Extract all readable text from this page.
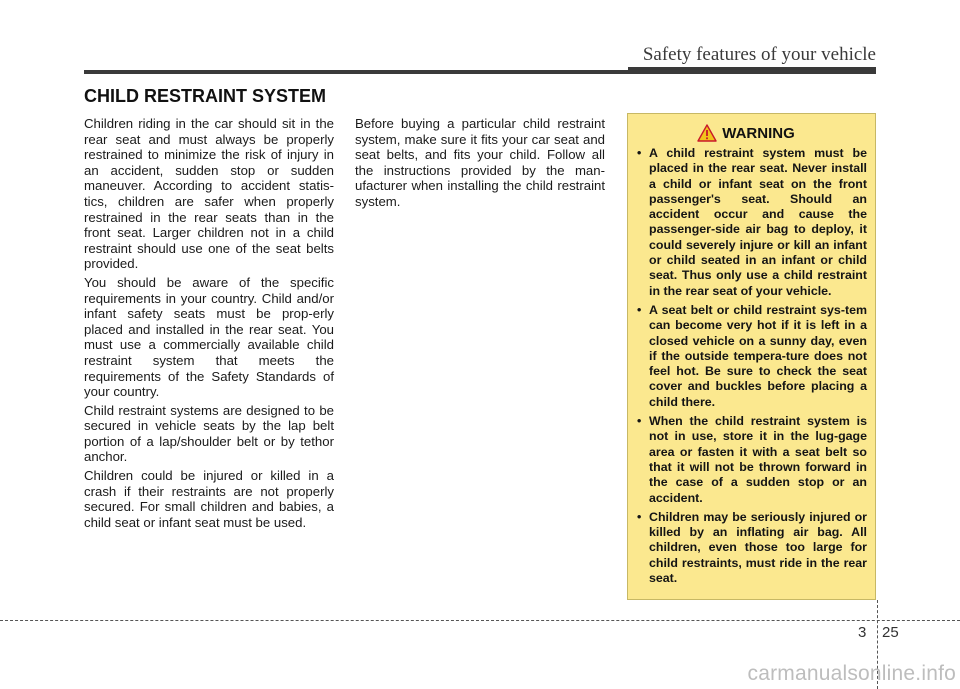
Safety features of your vehicle
CHILD RESTRAINT SYSTEM

Children riding in the car should sit in the rear seat and must always be properly restrained to minimize the risk of injury in an accident, sudden stop or sudden maneuver. According to accident statis-tics, children are safer when properly restrained in the rear seats than in the front seat. Larger children not in a child restraint should use one of the seat belts provided.

You should be aware of the specific requirements in your country. Child and/or infant safety seats must be prop-erly placed and installed in the rear seat. You must use a commercially available child restraint system that meets the requirements of the Safety Standards of your country.

Child restraint systems are designed to be secured in vehicle seats by the lap belt portion of a lap/shoulder belt or by tethor anchor.

Children could be injured or killed in a crash if their restraints are not properly secured. For small children and babies, a child seat or infant seat must be used.

Before buying a particular child restraint system, make sure it fits your car seat and seat belts, and fits your child. Follow all the instructions provided by the man-ufacturer when installing the child restraint system.

WARNING
• A child restraint system must be placed in the rear seat. Never install a child or infant seat on the front passenger's seat. Should an accident occur and cause the passenger-side air bag to deploy, it could severely injure or kill an infant or child seated in an infant or child seat. Thus only use a child restraint in the rear seat of your vehicle.
• A seat belt or child restraint sys-tem can become very hot if it is left in a closed vehicle on a sunny day, even if the outside tempera-ture does not feel hot. Be sure to check the seat cover and buckles before placing a child there.
• When the child restraint system is not in use, store it in the lug-gage area or fasten it with a seat belt so that it will not be thrown forward in the case of a sudden stop or an accident.
• Children may be seriously injured or killed by an inflating air bag. All children, even those too large for child restraints, must ride in the rear seat.
3 25
carmanualsonline.info
